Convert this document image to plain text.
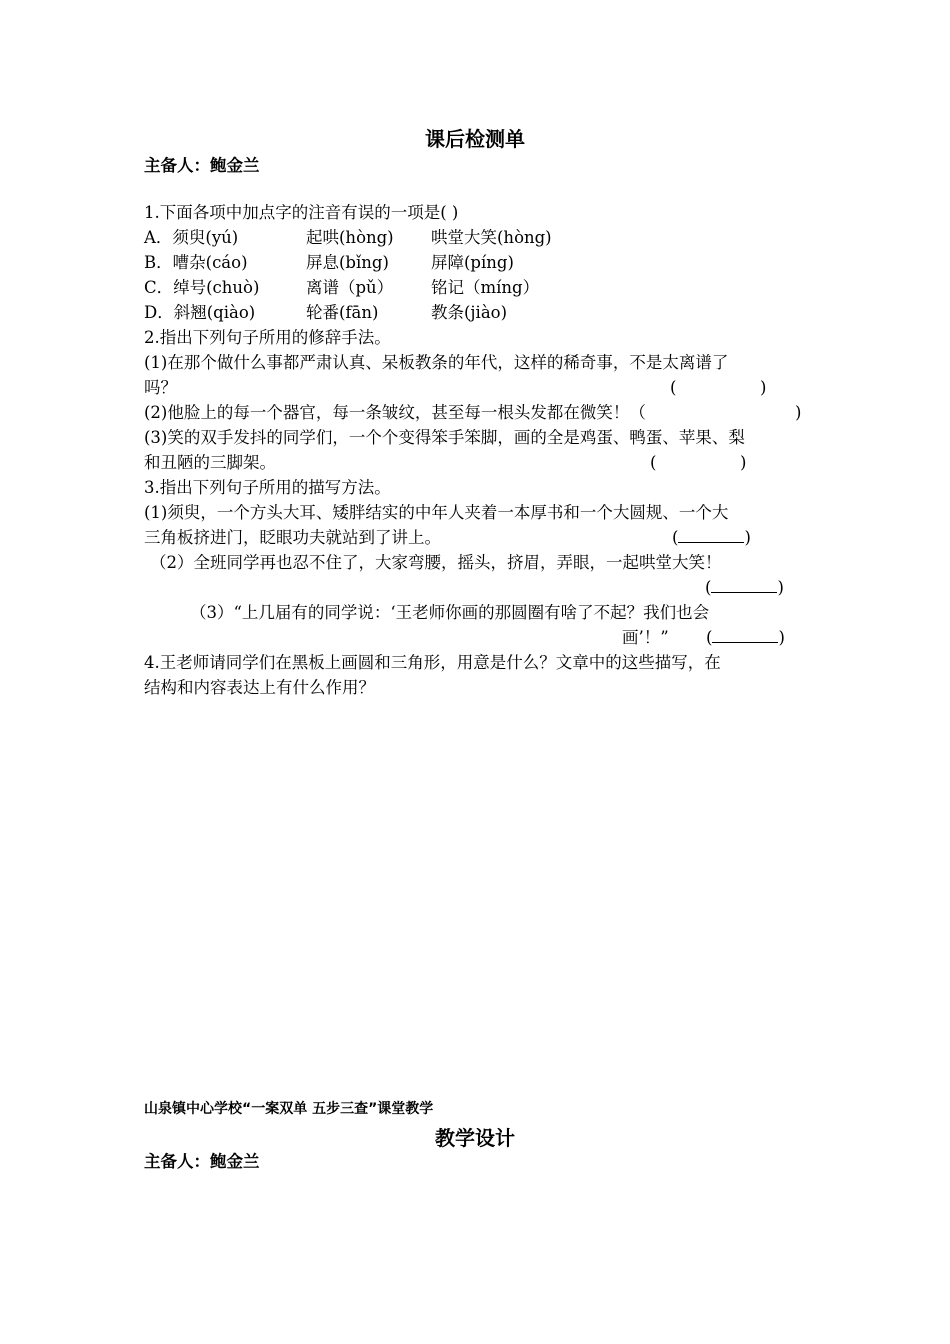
课后检测单
主备人：鲍金兰
1.下面各项中加点字的注音有误的一项是( )
A．须臾(yú)	起哄(hòng) 哄堂大笑(hòng)
B．嘈杂(cáo)	屏息(bǐng)	屏障(píng)
C．绰号(chuò)	离谱（pǔ） 铭记（míng）
D．斜翘(qiào)	轮番(fān)	教条(jiào)
2.指出下列句子所用的修辞手法。
(1)在那个做什么事都严肃认真、呆板教条的年代，这样的稀奇事，不是太离谱了
吗？	(	)
(2)他脸上的每一个器官，每一条皱纹，甚至每一根头发都在微笑！（	)
(3)笑的双手发抖的同学们，一个个变得笨手笨脚，画的全是鸡蛋、鸭蛋、苹果、梨
和丑陋的三脚架。	(	)
3.指出下列句子所用的描写方法。
(1)须臾，一个方头大耳、矮胖结实的中年人夹着一本厚书和一个大圆规、一个大
三角板挤进门，眨眼功夫就站到了讲上。	(	)
（2）全班同学再也忍不住了，大家弯腰，摇头，挤眉，弄眼，一起哄堂大笑！
(	)
（3）“上几届有的同学说：‘王老师你画的那圆圈有啥了不起？我们也会
画’！” (	)
4.王老师请同学们在黑板上画圆和三角形，用意是什么？文章中的这些描写，在
结构和内容表达上有什么作用？
山泉镇中心学校“一案双单 五步三查”课堂教学
教学设计
主备人：鲍金兰
